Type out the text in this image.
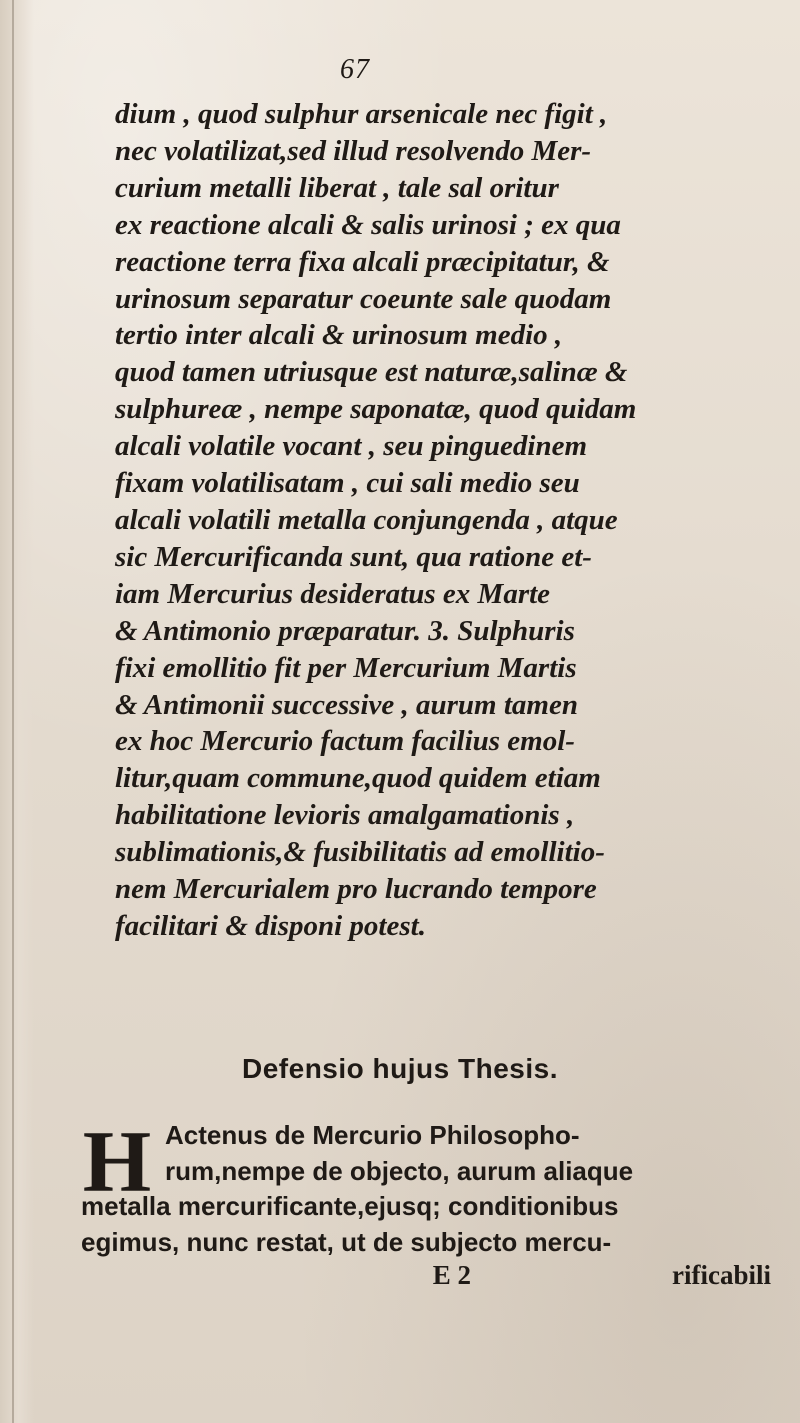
67
dium , quod sulphur arsenicale nec figit ,
nec volatilizat,sed illud resolvendo Mer-
curium metalli liberat , tale sal oritur
ex reactione alcali & salis urinosi ; ex qua
reactione terra fixa alcali præcipitatur, &
urinosum separatur coeunte sale quodam
tertio inter alcali & urinosum medio ,
quod tamen utriusque est naturæ,salinæ &
sulphureæ , nempe saponatæ, quod quidam
alcali volatile vocant , seu pinguedinem
fixam volatilisatam , cui sali medio seu
alcali volatili metalla conjungenda , atque
sic Mercurificanda sunt, qua ratione et-
iam Mercurius desideratus ex Marte
& Antimonio præparatur. 3. Sulphuris
fixi emollitio fit per Mercurium Martis
& Antimonii successive , aurum tamen
ex hoc Mercurio factum facilius emol-
litur,quam commune,quod quidem etiam
habilitatione levioris amalgamationis ,
sublimationis,& fusibilitatis ad emollitio-
nem Mercurialem pro lucrando tempore
facilitari & disponi potest.
Defensio hujus Thesis.
H Actenus de Mercurio Philosopho-
rum,nempe de objecto, aurum aliaque
metalla mercurificante,ejusq; conditionibus
egimus, nunc restat, ut de subjecto mercu-
E 2	rificabili
